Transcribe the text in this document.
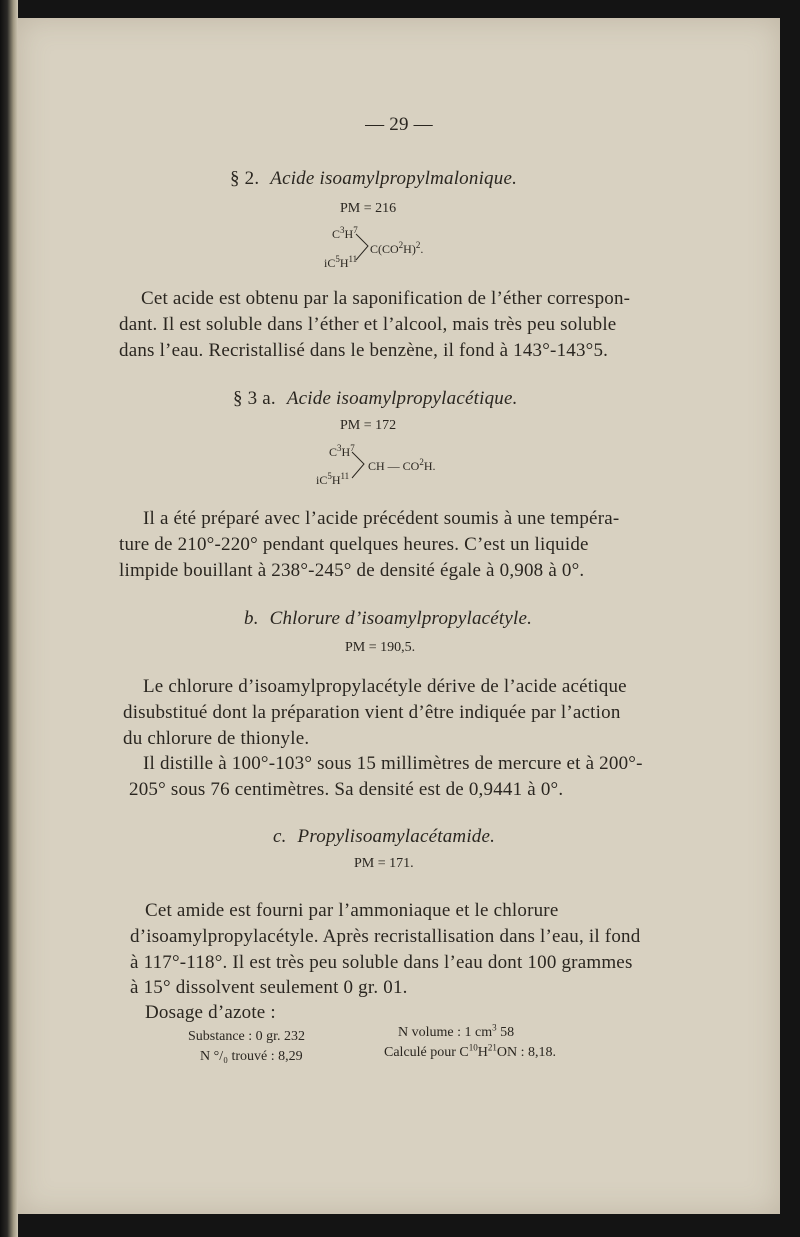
— 29 —
§ 2. Acide isoamylpropylmalonique.
PM = 216
$C^3H^7$
$iC^5H^{11}$
$C(CO^2H)^2$.
Cet acide est obtenu par la saponification de l’éther correspon-
dant. Il est soluble dans l’éther et l’alcool, mais très peu soluble
dans l’eau. Recristallisé dans le benzène, il fond à 143°-143°5.
§ 3 a. Acide isoamylpropylacétique.
PM = 172
$C^3H^7$
$iC^5H^{11}$
CH — $CO^2H$.
Il a été préparé avec l’acide précédent soumis à une tempéra-
ture de 210°-220° pendant quelques heures. C’est un liquide
limpide bouillant à 238°-245° de densité égale à 0,908 à 0°.
b. Chlorure d’isoamylpropylacétyle.
PM = 190,5.
Le chlorure d’isoamylpropylacétyle dérive de l’acide acétique
disubstitué dont la préparation vient d’être indiquée par l’action
du chlorure de thionyle.
Il distille à 100°-103° sous 15 millimètres de mercure et à 200°-
205° sous 76 centimètres. Sa densité est de 0,9441 à 0°.
c. Propylisoamylacétamide.
PM = 171.
Cet amide est fourni par l’ammoniaque et le chlorure
d’isoamylpropylacétyle. Après recristallisation dans l’eau, il fond
à 117°-118°. Il est très peu soluble dans l’eau dont 100 grammes
à 15° dissolvent seulement 0 gr. 01.
Dosage d’azote :
Substance : 0 gr. 232	N volume : 1 $cm^3$ 58
N °/₀ trouvé : 8,29	Calculé pour $C^{10}H^{21}ON$ : 8,18.
